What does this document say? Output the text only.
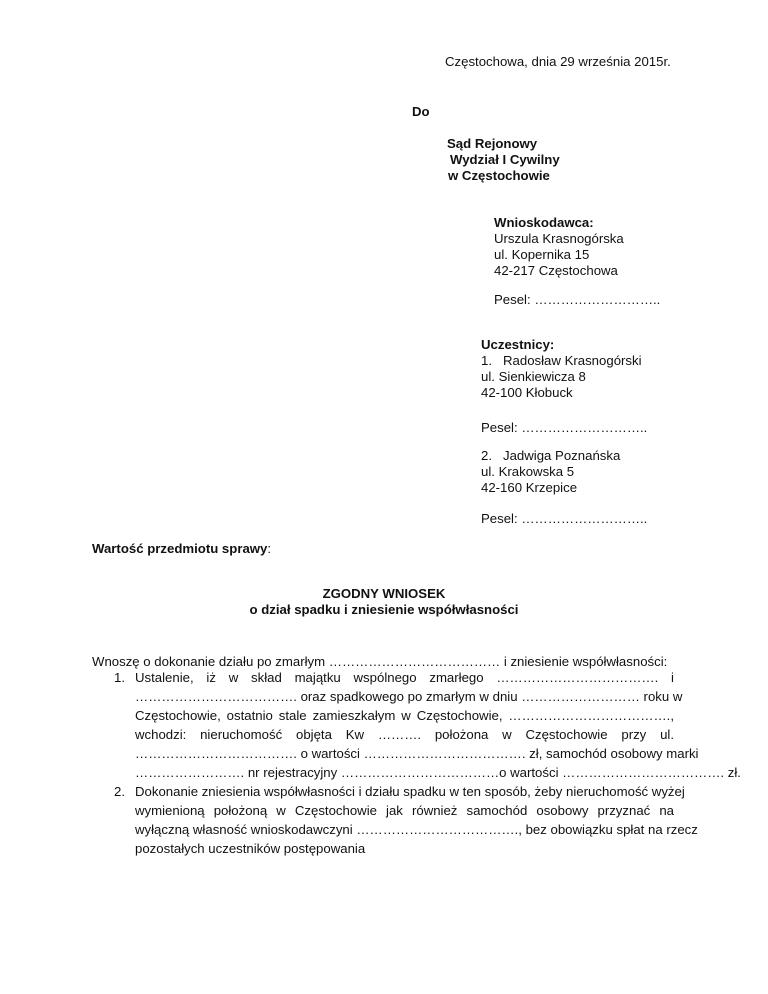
Częstochowa, dnia 29 września 2015r.
Do
Sąd Rejonowy
Wydział I Cywilny
w Częstochowie
Wnioskodawca:
Urszula Krasnogórska
ul. Kopernika 15
42-217 Częstochowa
Pesel: ………………………..
Uczestnicy:
1. Radosław Krasnogórski
ul. Sienkiewicza 8
42-100 Kłobuck
Pesel: ………………………..
2. Jadwiga Poznańska
ul. Krakowska 5
42-160 Krzepice
Pesel: ………………………..
Wartość przedmiotu sprawy:
ZGODNY WNIOSEK
o dział spadku i zniesienie współwłasności
Wnoszę o dokonanie działu po zmarłym ………………………………… i zniesienie współwłasności:
1. Ustalenie, iż w skład majątku wspólnego zmarłego ………………………………. i
………………………………. oraz spadkowego po zmarłym w dniu ……………………… roku w
Częstochowie, ostatnio stale zamieszkałym w Częstochowie, ……………………………….,
wchodzi: nieruchomość objęta Kw ………. położona w Częstochowie przy ul.
………………………………. o wartości ………………………………. zł, samochód osobowy marki
……………………. nr rejestracyjny ………………………………o wartości ………………………………. zł.
2. Dokonanie zniesienia współwłasności i działu spadku w ten sposób, żeby nieruchomość wyżej
wymienioną położoną w Częstochowie jak również samochód osobowy przyznać na
wyłączną własność wnioskodawczyni ………………………………., bez obowiązku spłat na rzecz
pozostałych uczestników postępowania
